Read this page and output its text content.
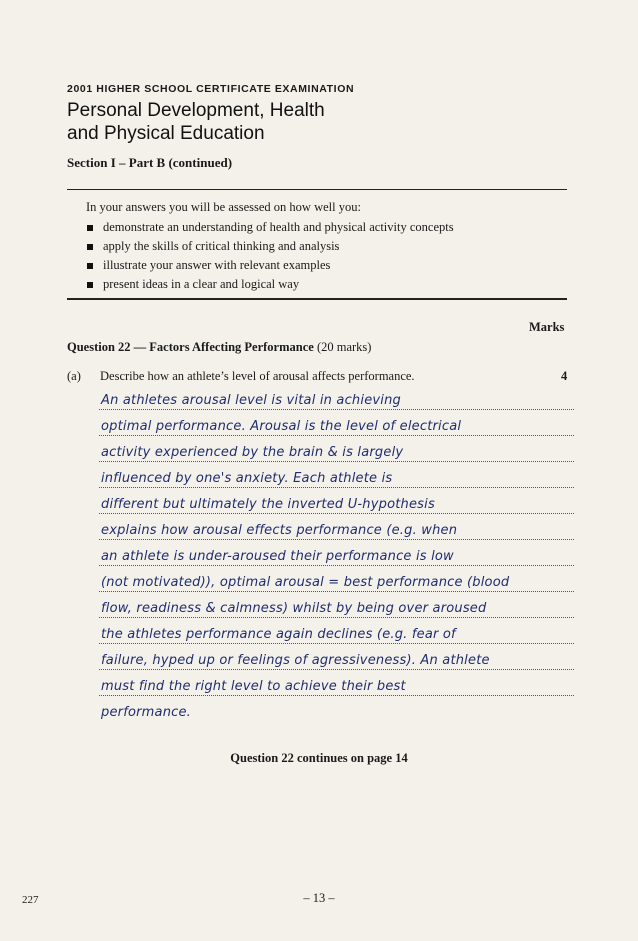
2001 HIGHER SCHOOL CERTIFICATE EXAMINATION
Personal Development, Health
and Physical Education
Section I – Part B (continued)

In your answers you will be assessed on how well you:

demonstrate an understanding of health and physical activity concepts
apply the skills of critical thinking and analysis
illustrate your answer with relevant examples
present ideas in a clear and logical way
Marks
Question 22 — Factors Affecting Performance (20 marks)
(a) Describe how an athlete’s level of arousal affects performance.	4
An athletes arousal level is vital in achieving
optimal performance. Arousal is the level of electrical
activity experienced by the brain & is largely
influenced by one's anxiety. Each athlete is
different but ultimately the inverted U-hypothesis
explains how arousal effects performance (e.g. when
an athlete is under-aroused their performance is low
(not motivated)), optimal arousal = best performance (blood
flow, readiness & calmness) whilst by being over aroused
the athletes performance again declines (e.g. fear of
failure, hyped up or feelings of agressiveness). An athlete
must find the right level to achieve their best
performance.
Question 22 continues on page 14
227	– 13 –
